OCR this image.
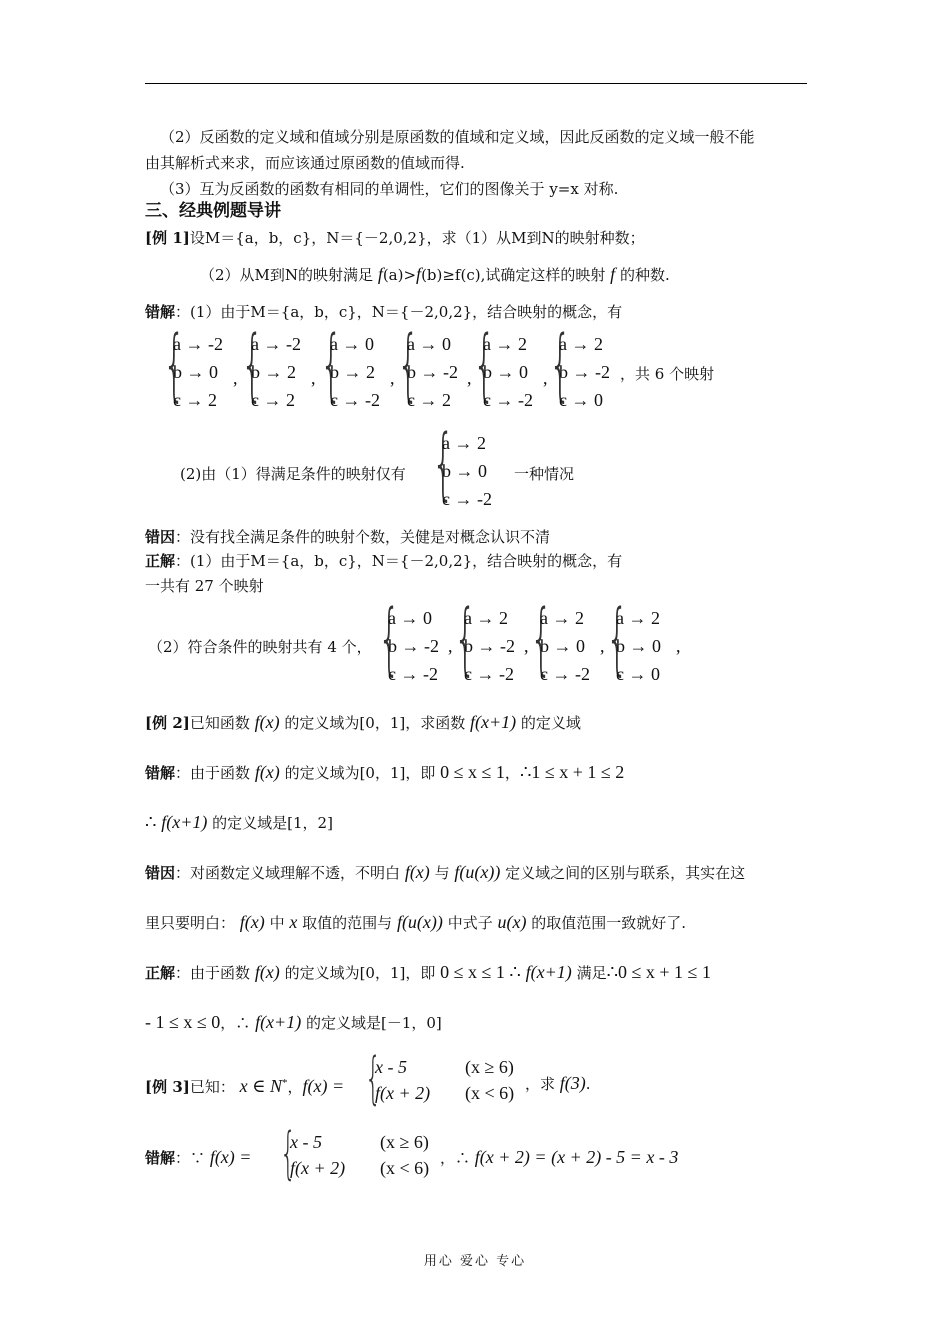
（2）反函数的定义域和值域分别是原函数的值域和定义域，因此反函数的定义域一般不能
由其解析式来求，而应该通过原函数的值域而得.
（3）互为反函数的函数有相同的单调性，它们的图像关于 y=x 对称.
三、经典例题导讲
[例 1]设M＝{a，b，c}，N＝{－2,0,2}，求（1）从M到N的映射种数；
（2）从M到N的映射满足 f(a)>f(b)≥f(c),试确定这样的映射 f 的种数.
错解：(1）由于M＝{a，b，c}，N＝{－2,0,2}，结合映射的概念，有
{
a → -2
b → 0
c → 2
, {
a → -2
b → 2
c → 2
, {
a → 0
b → 2
c → -2
, {
a → 0
b → -2
c → 2
, {
a → 2
b → 0
c → -2
, {
a → 2
b → -2
c → 0
，共 6 个映射
(2)由（1）得满足条件的映射仅有 {
a → 2
b → 0
c → -2
一种情况
错因：没有找全满足条件的映射个数，关健是对概念认识不清
正解：(1）由于M＝{a，b，c}，N＝{－2,0,2}，结合映射的概念，有
一共有 27 个映射
（2）符合条件的映射共有 4 个， {
a → 0
b → -2
c → -2
, {
a → 2
b → -2
c → -2
, {
a → 2
b → 0
c → -2
, {
a → 2
b → 0
c → 0
,
[例 2]已知函数 f(x) 的定义域为[0，1]，求函数 f(x+1) 的定义域
错解：由于函数 f(x) 的定义域为[0，1]，即 0 ≤ x ≤ 1，∴1 ≤ x + 1 ≤ 2
∴ f(x+1) 的定义域是[1，2]
错因：对函数定义域理解不透，不明白 f(x) 与 f(u(x)) 定义域之间的区别与联系，其实在这
里只要明白： f(x) 中 x 取值的范围与 f(u(x)) 中式子 u(x) 的取值范围一致就好了.
正解：由于函数 f(x) 的定义域为[0，1]，即 0 ≤ x ≤ 1 ∴ f(x+1) 满足∴0 ≤ x + 1 ≤ 1
- 1 ≤ x ≤ 0，∴ f(x+1) 的定义域是[－1，0]
[例 3]已知： x ∈ N*，f(x) = {
x - 5	(x ≥ 6)
f(x + 2) (x < 6) ，求 f(3).
错解：∵ f(x) = {
x - 5	(x ≥ 6)
f(x + 2) (x < 6) ，∴ f(x + 2) = (x + 2) - 5 = x - 3
用心 爱心 专心
